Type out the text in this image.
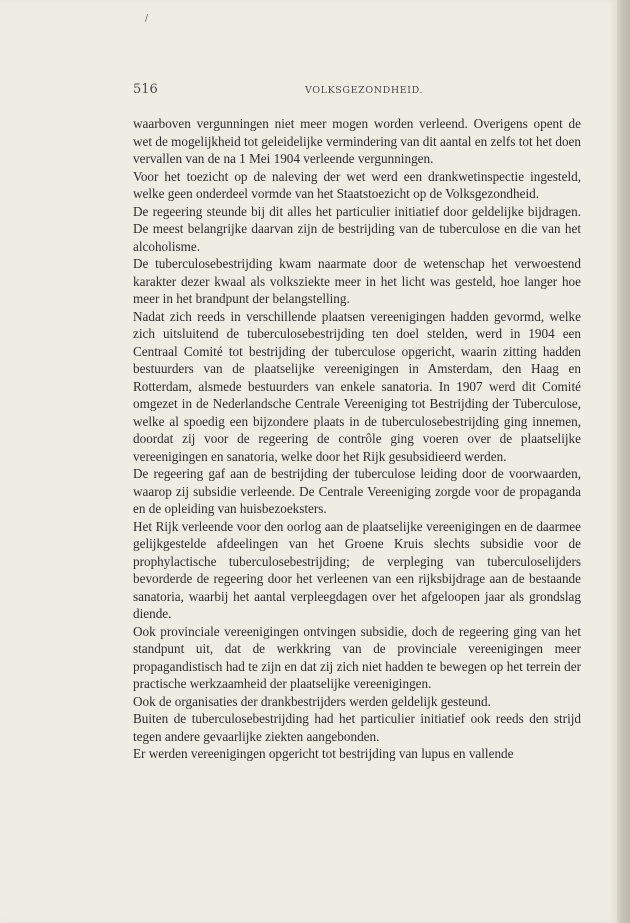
/
516	VOLKSGEZONDHEID.

waarboven vergunningen niet meer mogen worden verleend. Overigens opent de wet de mogelijkheid tot geleidelijke vermindering van dit aantal en zelfs tot het doen vervallen van de na 1 Mei 1904 verleende vergunningen.

Voor het toezicht op de naleving der wet werd een drankwetinspectie ingesteld, welke geen onderdeel vormde van het Staatstoezicht op de Volksgezondheid.

De regeering steunde bij dit alles het particulier initiatief door geldelijke bijdragen. De meest belangrijke daarvan zijn de bestrijding van de tuberculose en die van het alcoholisme.

De tuberculosebestrijding kwam naarmate door de wetenschap het verwoestend karakter dezer kwaal als volksziekte meer in het licht was gesteld, hoe langer hoe meer in het brandpunt der belangstelling.

Nadat zich reeds in verschillende plaatsen vereenigingen hadden gevormd, welke zich uitsluitend de tuberculosebestrijding ten doel stelden, werd in 1904 een Centraal Comité tot bestrijding der tuberculose opgericht, waarin zitting hadden bestuurders van de plaatselijke vereenigingen in Amsterdam, den Haag en Rotterdam, alsmede bestuurders van enkele sanatoria. In 1907 werd dit Comité omgezet in de Nederlandsche Centrale Vereeniging tot Bestrijding der Tuberculose, welke al spoedig een bijzondere plaats in de tuberculosebestrijding ging innemen, doordat zij voor de regeering de contrôle ging voeren over de plaatselijke vereenigingen en sanatoria, welke door het Rijk gesubsidieerd werden.

De regeering gaf aan de bestrijding der tuberculose leiding door de voorwaarden, waarop zij subsidie verleende. De Centrale Vereeniging zorgde voor de propaganda en de opleiding van huisbezoeksters.

Het Rijk verleende voor den oorlog aan de plaatselijke vereenigingen en de daarmee gelijkgestelde afdeelingen van het Groene Kruis slechts subsidie voor de prophylactische tuberculosebestrijding; de verpleging van tuberculoselijders bevorderde de regeering door het verleenen van een rijksbijdrage aan de bestaande sanatoria, waarbij het aantal verpleegdagen over het afgeloopen jaar als grondslag diende.

Ook provinciale vereenigingen ontvingen subsidie, doch de regeering ging van het standpunt uit, dat de werkkring van de provinciale vereenigingen meer propagandistisch had te zijn en dat zij zich niet hadden te bewegen op het terrein der practische werkzaamheid der plaatselijke vereenigingen.

Ook de organisaties der drankbestrijders werden geldelijk gesteund.

Buiten de tuberculosebestrijding had het particulier initiatief ook reeds den strijd tegen andere gevaarlijke ziekten aangebonden.

Er werden vereenigingen opgericht tot bestrijding van lupus en vallende
